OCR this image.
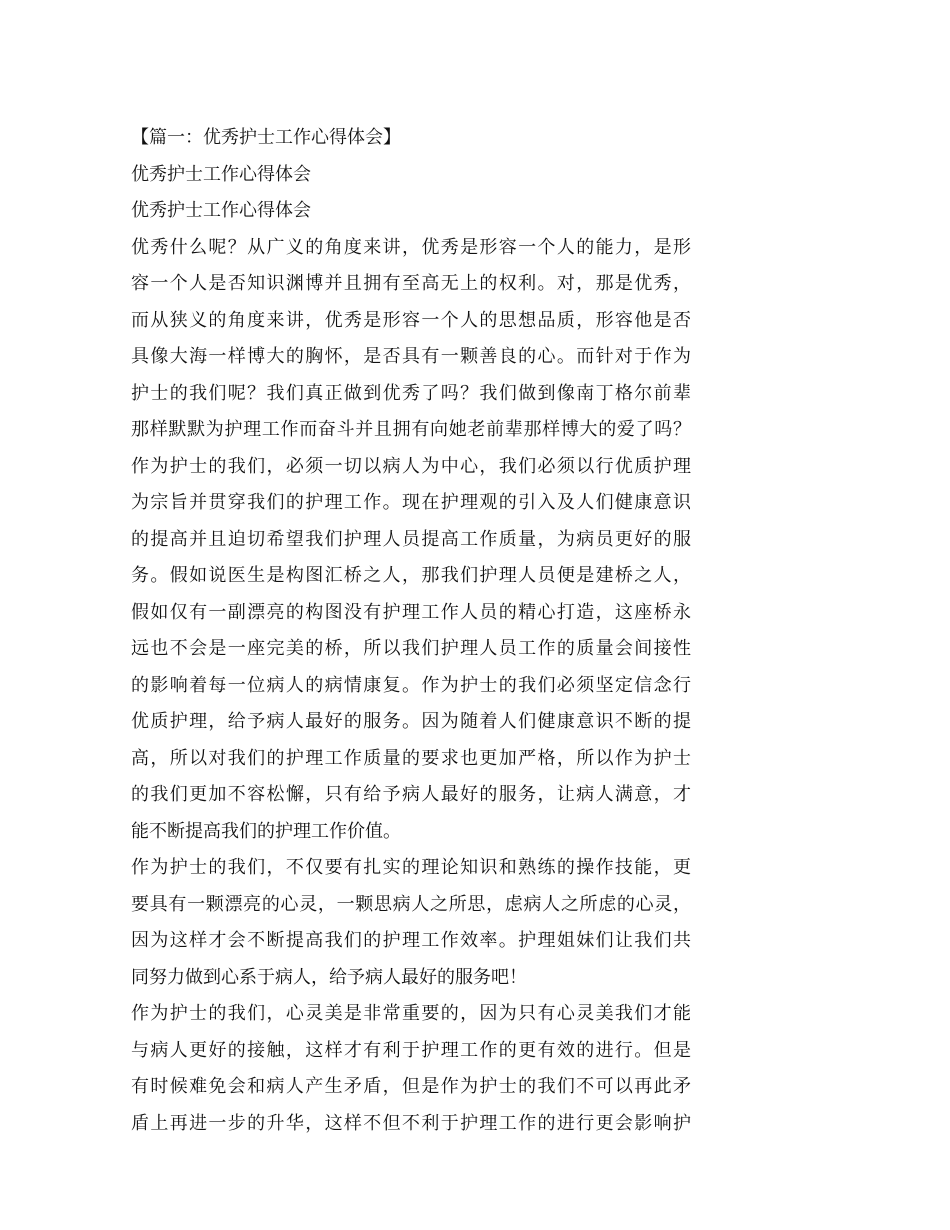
【篇一：优秀护士工作心得体会】
优秀护士工作心得体会
优秀护士工作心得体会
优秀什么呢？从广义的角度来讲，优秀是形容一个人的能力，是形
容一个人是否知识渊博并且拥有至高无上的权利。对，那是优秀，
而从狭义的角度来讲，优秀是形容一个人的思想品质，形容他是否
具像大海一样博大的胸怀，是否具有一颗善良的心。而针对于作为
护士的我们呢？我们真正做到优秀了吗？我们做到像南丁格尔前辈
那样默默为护理工作而奋斗并且拥有向她老前辈那样博大的爱了吗？
作为护士的我们，必须一切以病人为中心，我们必须以行优质护理
为宗旨并贯穿我们的护理工作。现在护理观的引入及人们健康意识
的提高并且迫切希望我们护理人员提高工作质量，为病员更好的服
务。假如说医生是构图汇桥之人，那我们护理人员便是建桥之人，
假如仅有一副漂亮的构图没有护理工作人员的精心打造，这座桥永
远也不会是一座完美的桥，所以我们护理人员工作的质量会间接性
的影响着每一位病人的病情康复。作为护士的我们必须坚定信念行
优质护理，给予病人最好的服务。因为随着人们健康意识不断的提
高，所以对我们的护理工作质量的要求也更加严格，所以作为护士
的我们更加不容松懈，只有给予病人最好的服务，让病人满意，才
能不断提高我们的护理工作价值。
作为护士的我们，不仅要有扎实的理论知识和熟练的操作技能，更
要具有一颗漂亮的心灵，一颗思病人之所思，虑病人之所虑的心灵，
因为这样才会不断提高我们的护理工作效率。护理姐妹们让我们共
同努力做到心系于病人，给予病人最好的服务吧！
作为护士的我们，心灵美是非常重要的，因为只有心灵美我们才能
与病人更好的接触，这样才有利于护理工作的更有效的进行。但是
有时候难免会和病人产生矛盾，但是作为护士的我们不可以再此矛
盾上再进一步的升华，这样不但不利于护理工作的进行更会影响护
